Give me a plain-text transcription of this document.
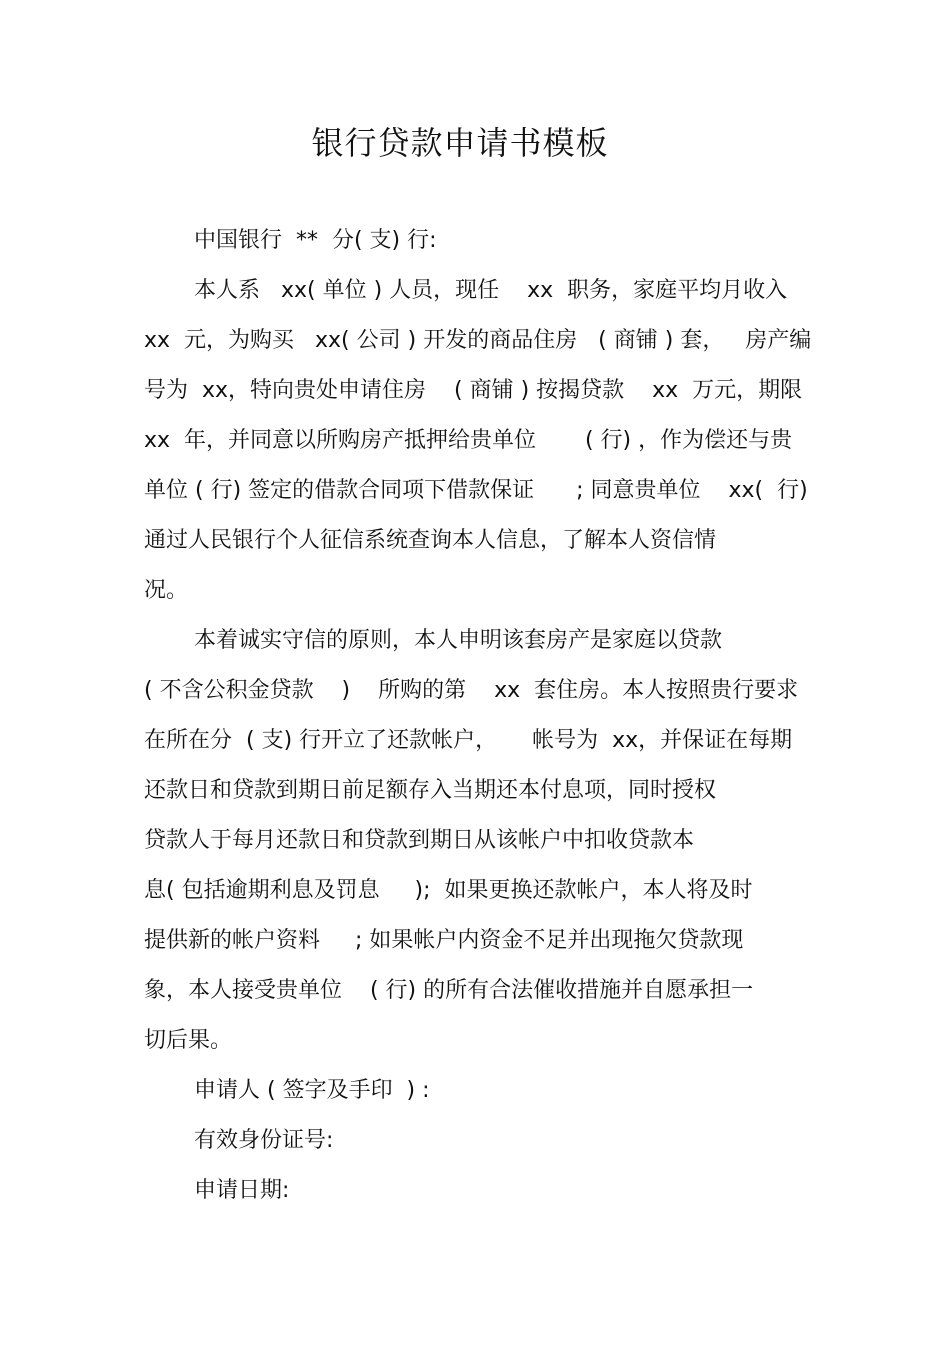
银行贷款申请书模板
中国银行  **  分( 支) 行:
本人系   xx( 单位 ) 人员，现任    xx  职务，家庭平均月收入
xx  元，为购买   xx( 公司 ) 开发的商品住房   ( 商铺 ) 套，   房产编
号为  xx，特向贵处申请住房    ( 商铺 ) 按揭贷款    xx  万元，期限
xx  年，并同意以所购房产抵押给贵单位       ( 行) ，作为偿还与贵
单位 ( 行) 签定的借款合同项下借款保证      ; 同意贵单位    xx(  行)
通过人民银行个人征信系统查询本人信息，了解本人资信情
况。
本着诚实守信的原则，本人申明该套房产是家庭以贷款
( 不含公积金贷款    )    所购的第    xx  套住房。本人按照贵行要求
在所在分  ( 支) 行开立了还款帐户，     帐号为  xx，并保证在每期
还款日和贷款到期日前足额存入当期还本付息项，同时授权
贷款人于每月还款日和贷款到期日从该帐户中扣收贷款本
息( 包括逾期利息及罚息     );  如果更换还款帐户，本人将及时
提供新的帐户资料     ; 如果帐户内资金不足并出现拖欠贷款现
象，本人接受贵单位    ( 行) 的所有合法催收措施并自愿承担一
切后果。
申请人 ( 签字及手印  ) :
有效身份证号:
申请日期:
